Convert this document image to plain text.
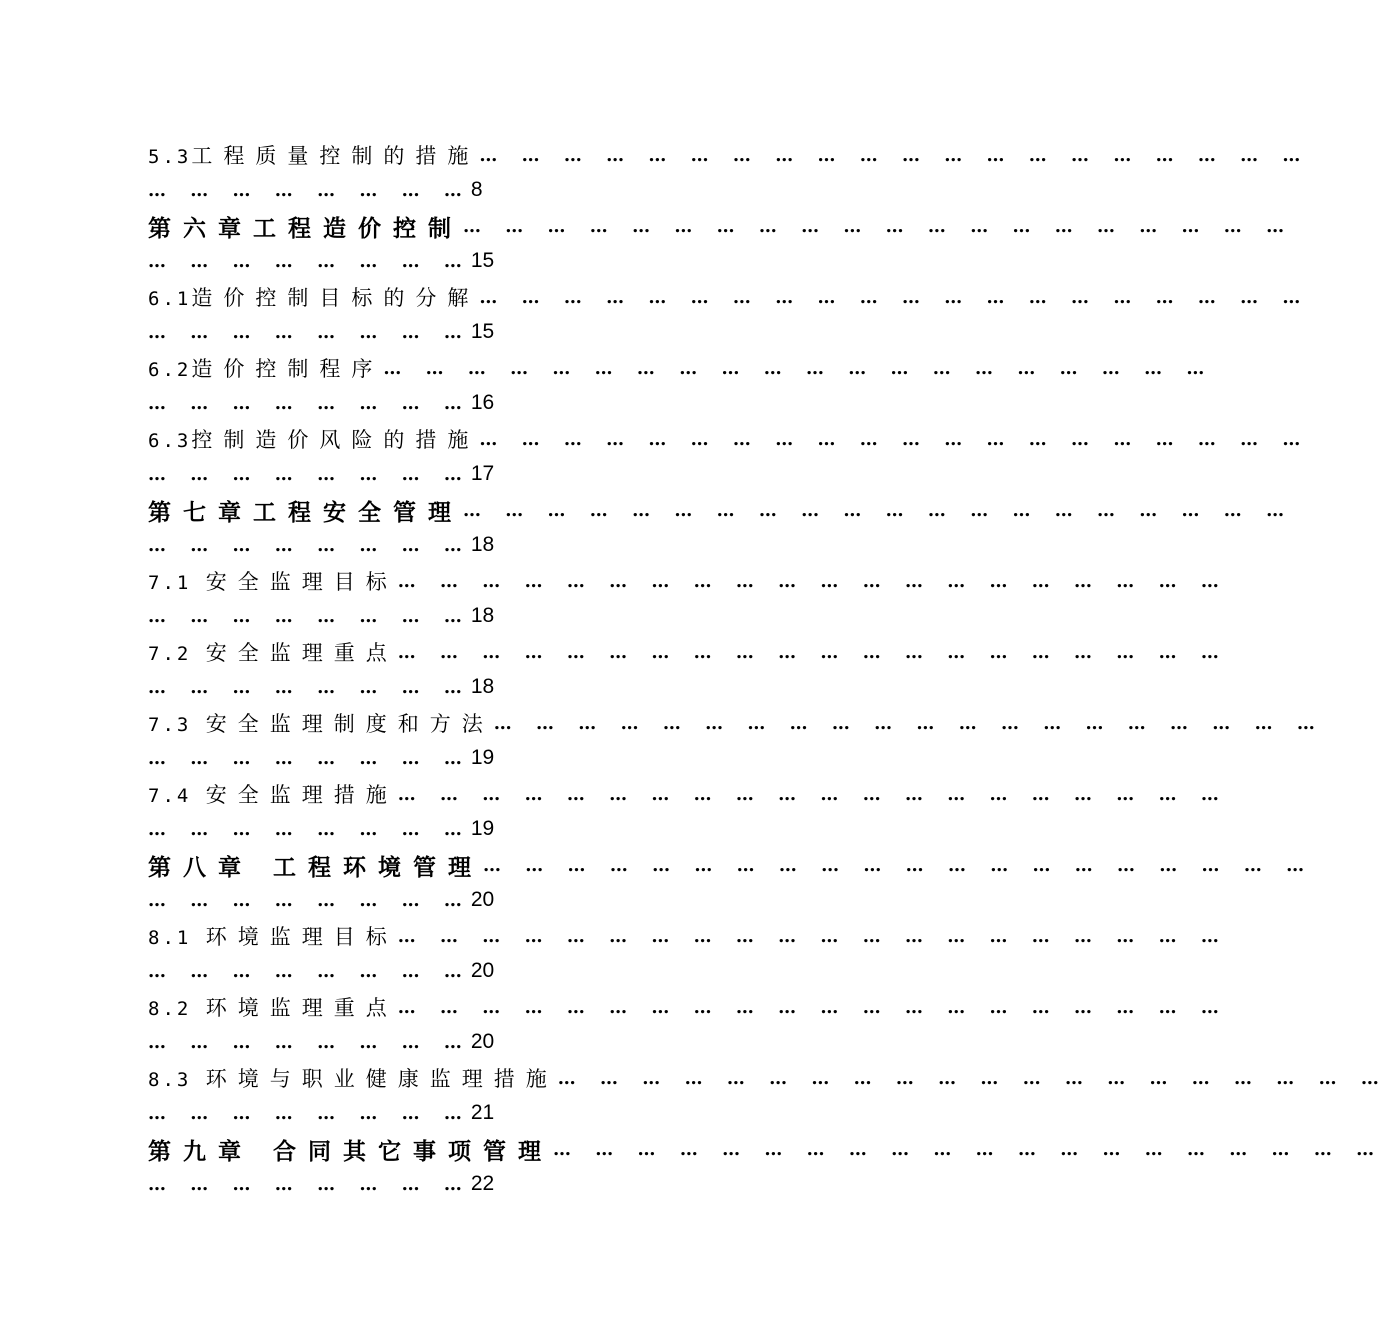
5.3工程质量控制的措施 … … … … … … … … … … … … … … … … … … … …
… … … … … … … … 8
第六章工程造价控制 … … … … … … … … … … … … … … … … … … … …
… … … … … … … … 15
6.1造价控制目标的分解 … … … … … … … … … … … … … … … … … … … …
… … … … … … … … 15
6.2造价控制程序 … … … … … … … … … … … … … … … … … … … …
… … … … … … … … 16
6.3控制造价风险的措施 … … … … … … … … … … … … … … … … … … … …
… … … … … … … … 17
第七章工程安全管理 … … … … … … … … … … … … … … … … … … … …
… … … … … … … … 18
7.1 安全监理目标 … … … … … … … … … … … … … … … … … … … …
… … … … … … … … 18
7.2 安全监理重点 … … … … … … … … … … … … … … … … … … … …
… … … … … … … … 18
7.3 安全监理制度和方法 … … … … … … … … … … … … … … … … … … … …
… … … … … … … … 19
7.4 安全监理措施 … … … … … … … … … … … … … … … … … … … …
… … … … … … … … 19
第八章 工程环境管理 … … … … … … … … … … … … … … … … … … … …
… … … … … … … … 20
8.1 环境监理目标 … … … … … … … … … … … … … … … … … … … …
… … … … … … … … 20
8.2 环境监理重点 … … … … … … … … … … … … … … … … … … … …
… … … … … … … … 20
8.3 环境与职业健康监理措施 … … … … … … … … … … … … … … … … … … … …
… … … … … … … … 21
第九章 合同其它事项管理 … … … … … … … … … … … … … … … … … … … …
… … … … … … … … 22
